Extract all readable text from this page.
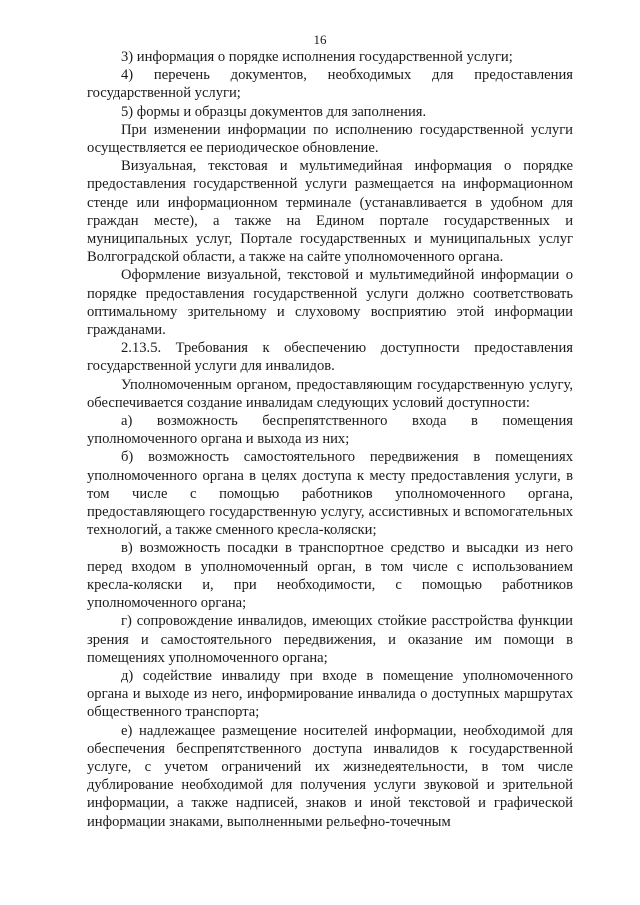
16

3) информация о порядке исполнения государственной услуги;

4) перечень документов, необходимых для предоставления государственной услуги;

5) формы и образцы документов для заполнения.

При изменении информации по исполнению государственной услуги осуществляется ее периодическое обновление.

Визуальная, текстовая и мультимедийная информация о порядке предоставления государственной услуги размещается на информационном стенде или информационном терминале (устанавливается в удобном для граждан месте), а также на Едином портале государственных и муниципальных услуг, Портале государственных и муниципальных услуг Волгоградской области, а также на сайте уполномоченного органа.

Оформление визуальной, текстовой и мультимедийной информации о порядке предоставления государственной услуги должно соответствовать оптимальному зрительному и слуховому восприятию этой информации гражданами.

2.13.5. Требования к обеспечению доступности предоставления государственной услуги для инвалидов.

Уполномоченным органом, предоставляющим государственную услугу, обеспечивается создание инвалидам следующих условий доступности:

а) возможность беспрепятственного входа в помещения уполномоченного органа и выхода из них;

б) возможность самостоятельного передвижения в помещениях уполномоченного органа в целях доступа к месту предоставления услуги, в том числе с помощью работников уполномоченного органа, предоставляющего государственную услугу, ассистивных и вспомогательных технологий, а также сменного кресла-коляски;

в) возможность посадки в транспортное средство и высадки из него перед входом в уполномоченный орган, в том числе с использованием кресла-коляски и, при необходимости, с помощью работников уполномоченного органа;

г) сопровождение инвалидов, имеющих стойкие расстройства функции зрения и самостоятельного передвижения, и оказание им помощи в помещениях уполномоченного органа;

д) содействие инвалиду при входе в помещение уполномоченного органа и выходе из него, информирование инвалида о доступных маршрутах общественного транспорта;

е) надлежащее размещение носителей информации, необходимой для обеспечения беспрепятственного доступа инвалидов к государственной услуге, с учетом ограничений их жизнедеятельности, в том числе дублирование необходимой для получения услуги звуковой и зрительной информации, а также надписей, знаков и иной текстовой и графической информации знаками, выполненными рельефно-точечным
